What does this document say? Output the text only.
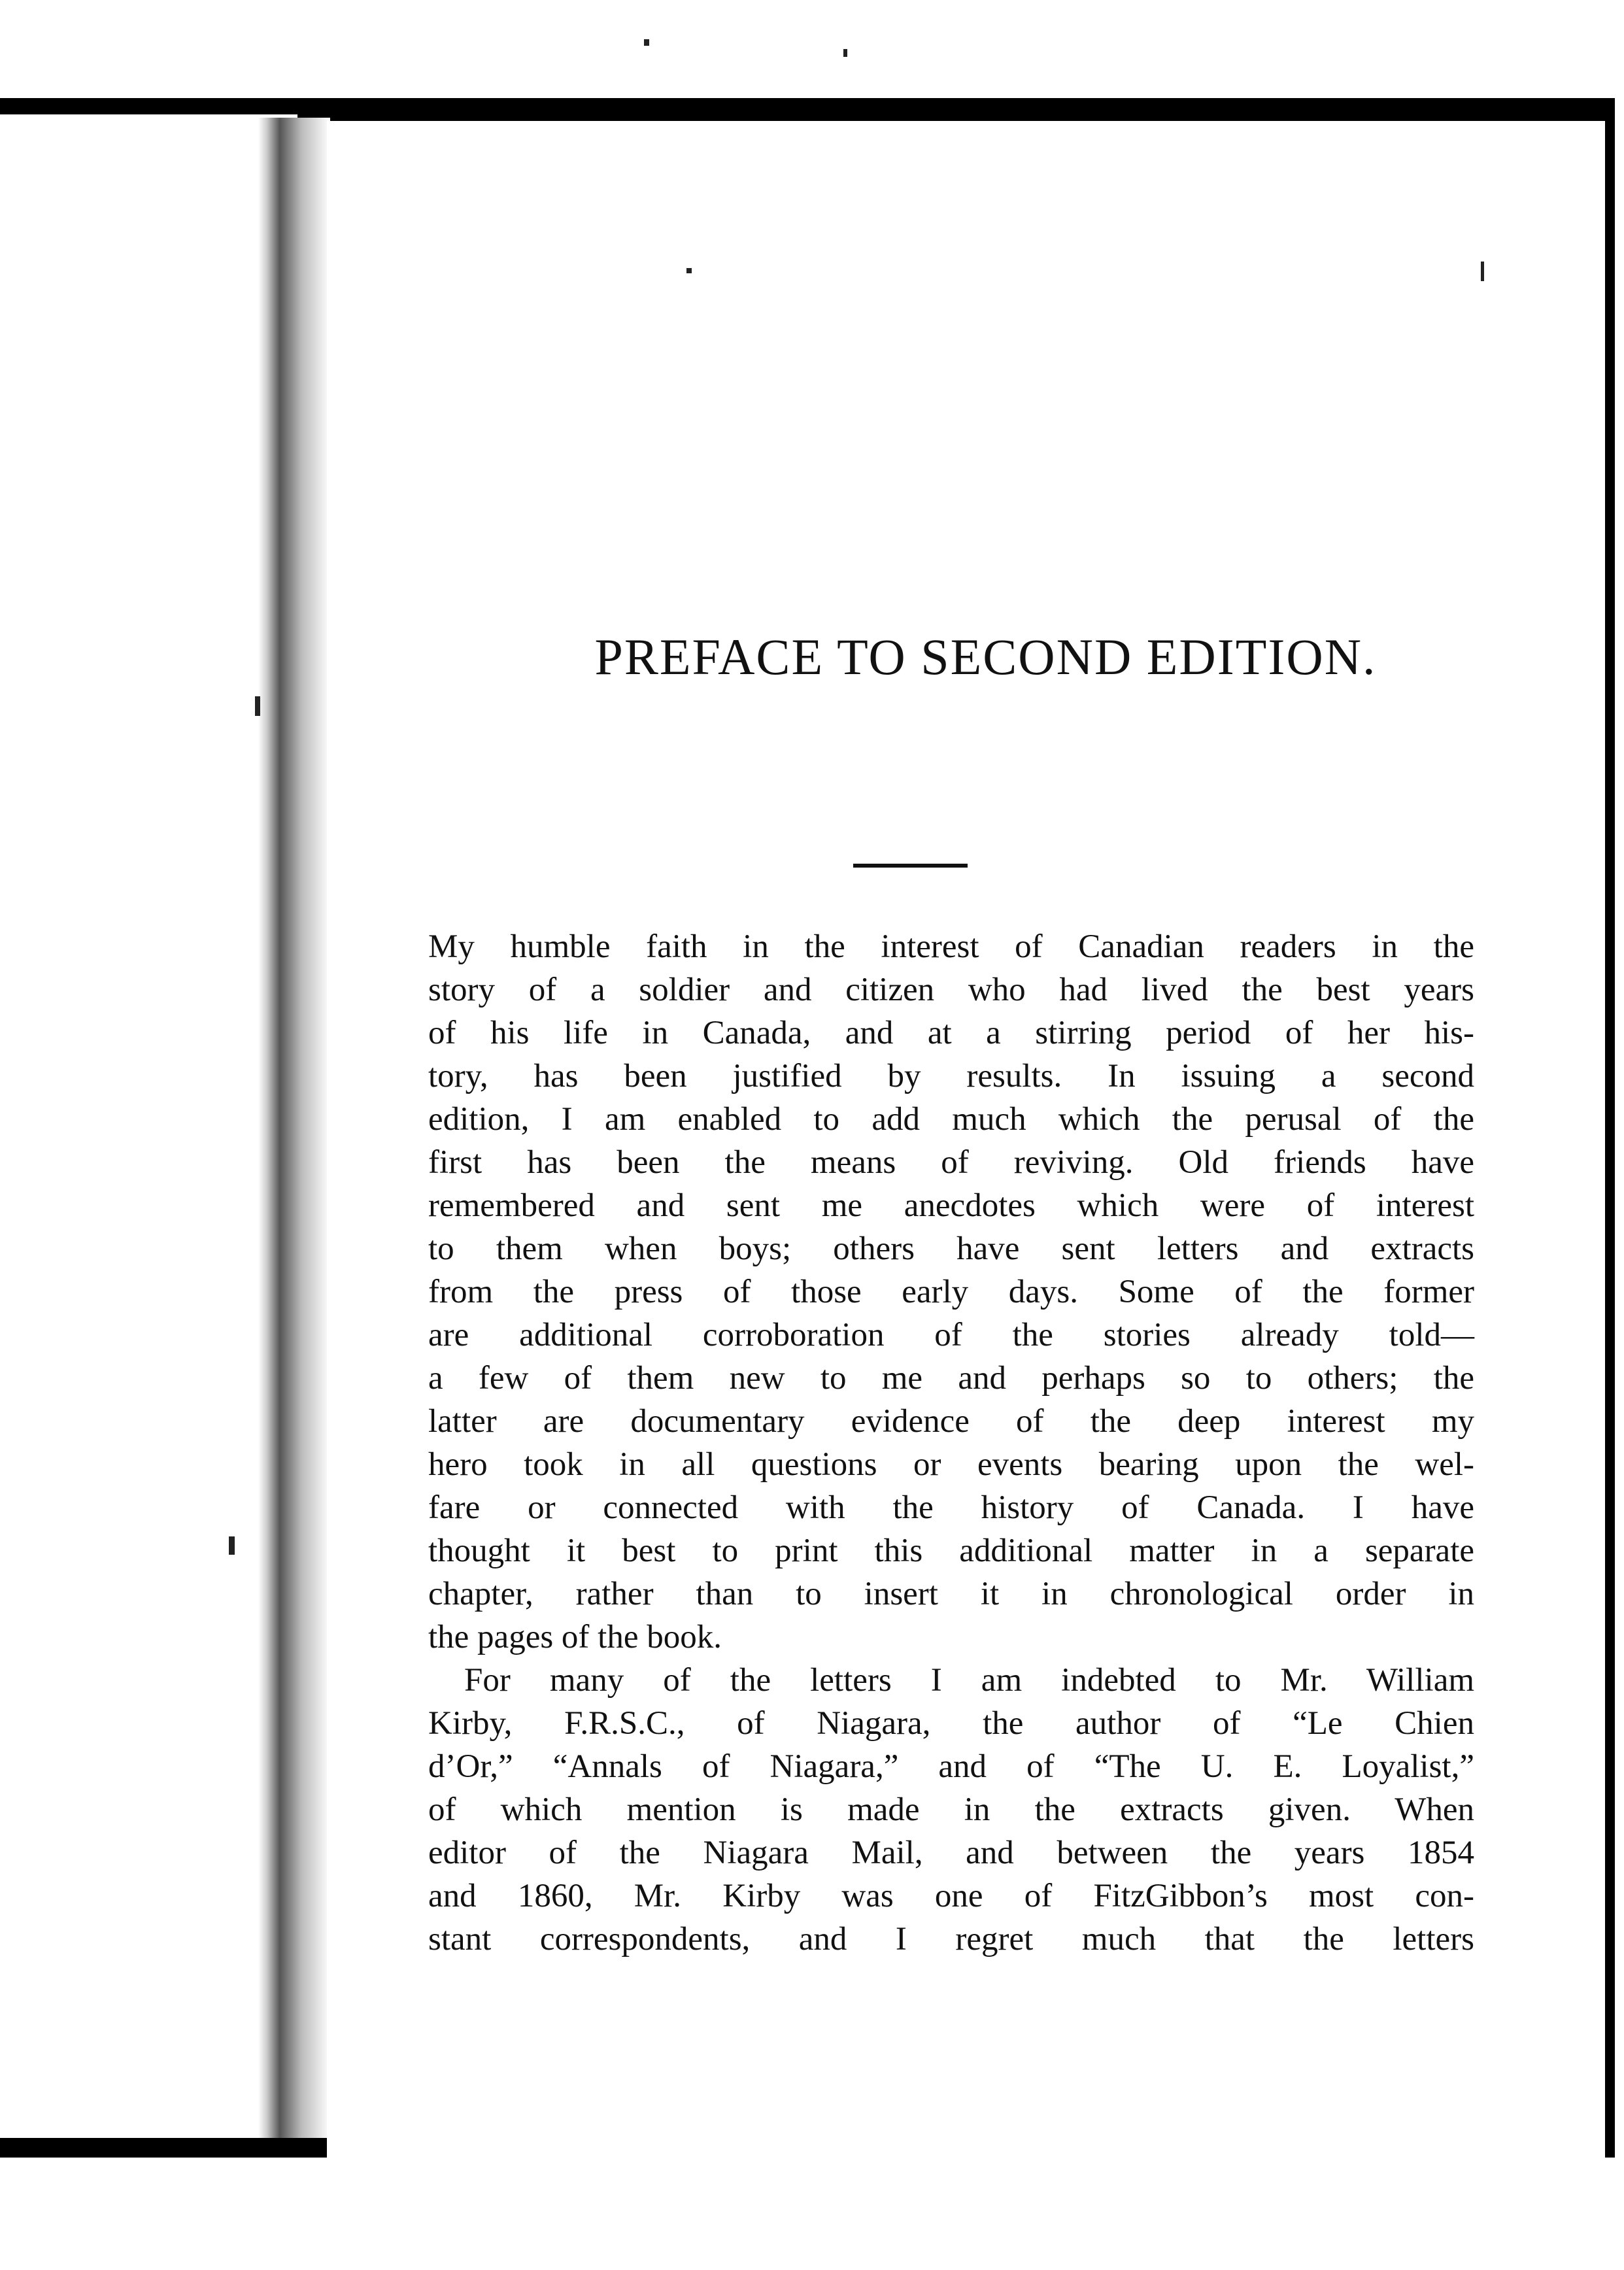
PREFACE TO SECOND EDITION.
My humble faith in the interest of Canadian readers in the
story of a soldier and citizen who had lived the best years
of his life in Canada, and at a stirring period of her his-
tory, has been justified by results. In issuing a second
edition, I am enabled to add much which the perusal of the
first has been the means of reviving. Old friends have
remembered and sent me anecdotes which were of interest
to them when boys; others have sent letters and extracts
from the press of those early days. Some of the former
are additional corroboration of the stories already told—
a few of them new to me and perhaps so to others; the
latter are documentary evidence of the deep interest my
hero took in all questions or events bearing upon the wel-
fare or connected with the history of Canada. I have
thought it best to print this additional matter in a separate
chapter, rather than to insert it in chronological order in
the pages of the book.
For many of the letters I am indebted to Mr. William
Kirby, F.R.S.C., of Niagara, the author of “Le Chien
d’Or,” “Annals of Niagara,” and of “The U. E. Loyalist,”
of which mention is made in the extracts given. When
editor of the Niagara Mail, and between the years 1854
and 1860, Mr. Kirby was one of FitzGibbon’s most con-
stant correspondents, and I regret much that the letters
